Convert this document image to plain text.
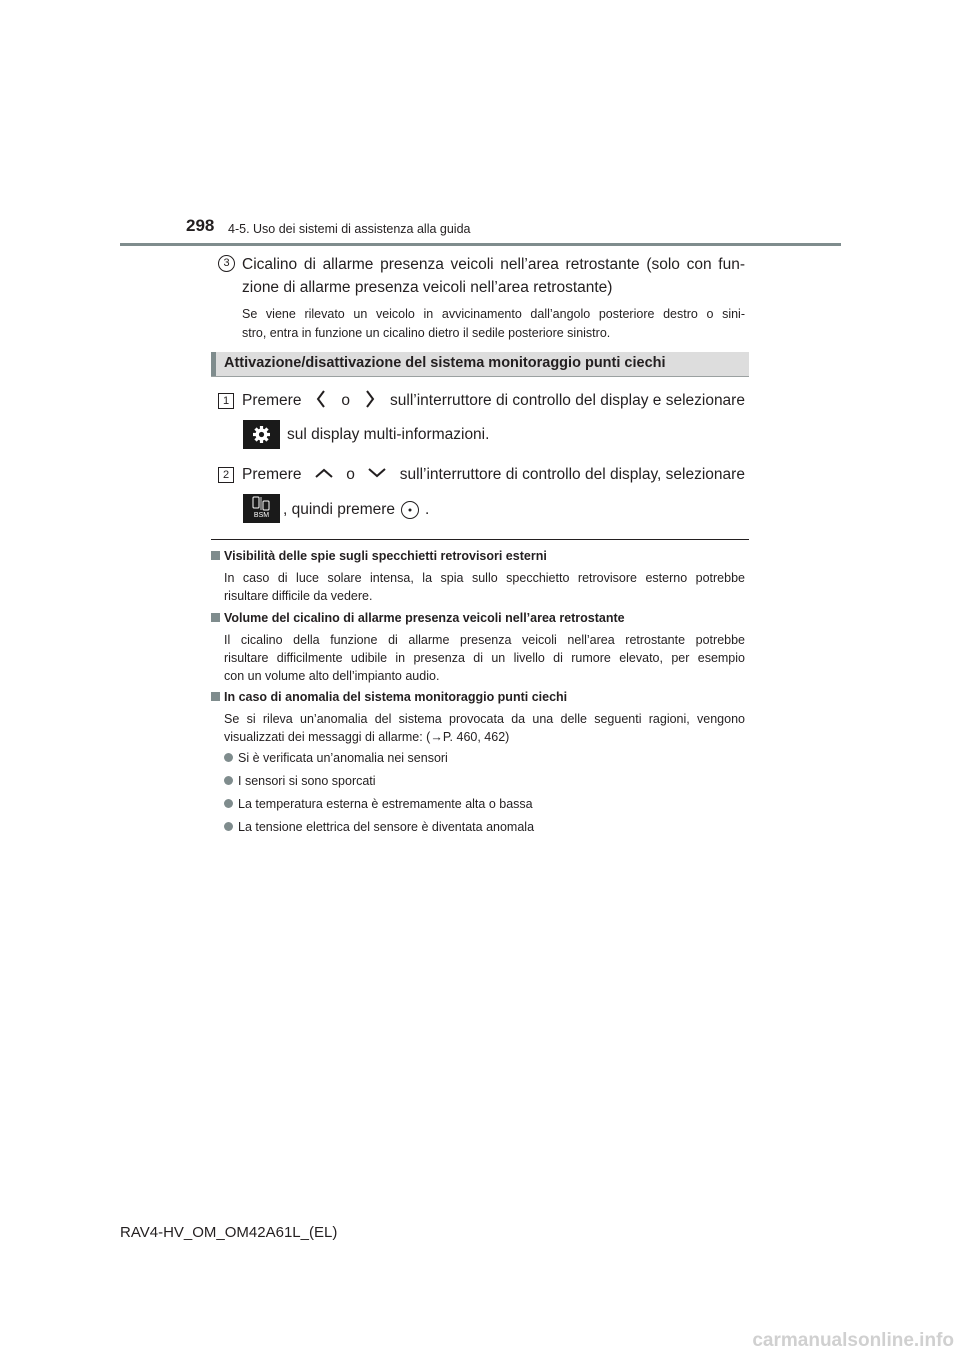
298 4-5. Uso dei sistemi di assistenza alla guida
3 Cicalino di allarme presenza veicoli nell’area retrostante (solo con fun-
zione di allarme presenza veicoli nell’area retrostante)
Se viene rilevato un veicolo in avvicinamento dall’angolo posteriore destro o sini-
stro, entra in funzione un cicalino dietro il sedile posteriore sinistro.
Attivazione/disattivazione del sistema monitoraggio punti ciechi
1 Premere	o	sull’interruttore di controllo del display e selezionare
sul display multi-informazioni.
2 Premere	o	sull’interruttore di controllo del display, selezionare
BSM , quindi premere .
Visibilità delle spie sugli specchietti retrovisori esterni
In caso di luce solare intensa, la spia sullo specchietto retrovisore esterno potrebbe
risultare difficile da vedere.
Volume del cicalino di allarme presenza veicoli nell’area retrostante
Il cicalino della funzione di allarme presenza veicoli nell’area retrostante potrebbe
risultare difficilmente udibile in presenza di un livello di rumore elevato, per esempio
con un volume alto dell’impianto audio.
In caso di anomalia del sistema monitoraggio punti ciechi
Se si rileva un’anomalia del sistema provocata da una delle seguenti ragioni, vengono
visualizzati dei messaggi di allarme: (→P. 460, 462)
Si è verificata un’anomalia nei sensori
I sensori si sono sporcati
La temperatura esterna è estremamente alta o bassa
La tensione elettrica del sensore è diventata anomala
RAV4-HV_OM_OM42A61L_(EL)
carmanualsonline.info
